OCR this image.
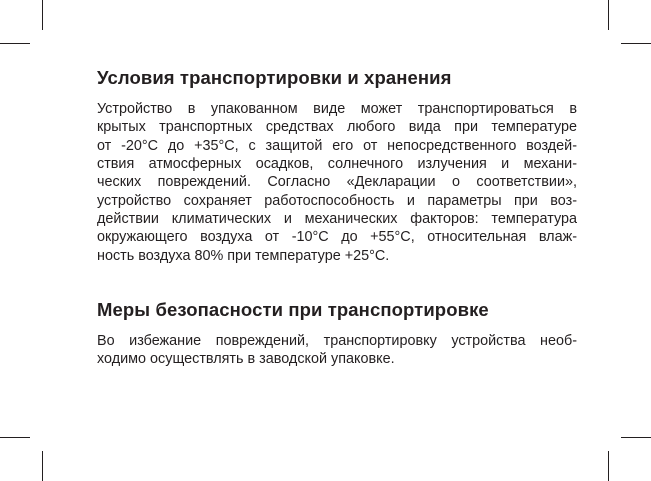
Условия транспортировки и хранения

Устройство в упакованном виде может транспортироваться в
крытых транспортных средствах любого вида при температуре
от -20°C до +35°C, с защитой его от непосредственного воздей-
ствия атмосферных осадков, солнечного излучения и механи-
ческих повреждений. Согласно «Декларации о соответствии»,
устройство сохраняет работоспособность и параметры при воз-
действии климатических и механических факторов: температура
окружающего воздуха от -10°C до +55°C, относительная влаж-
ность воздуха 80% при температуре +25°C.

Меры безопасности при транспортировке

Во избежание повреждений, транспортировку устройства необ-
ходимо осуществлять в заводской упаковке.
